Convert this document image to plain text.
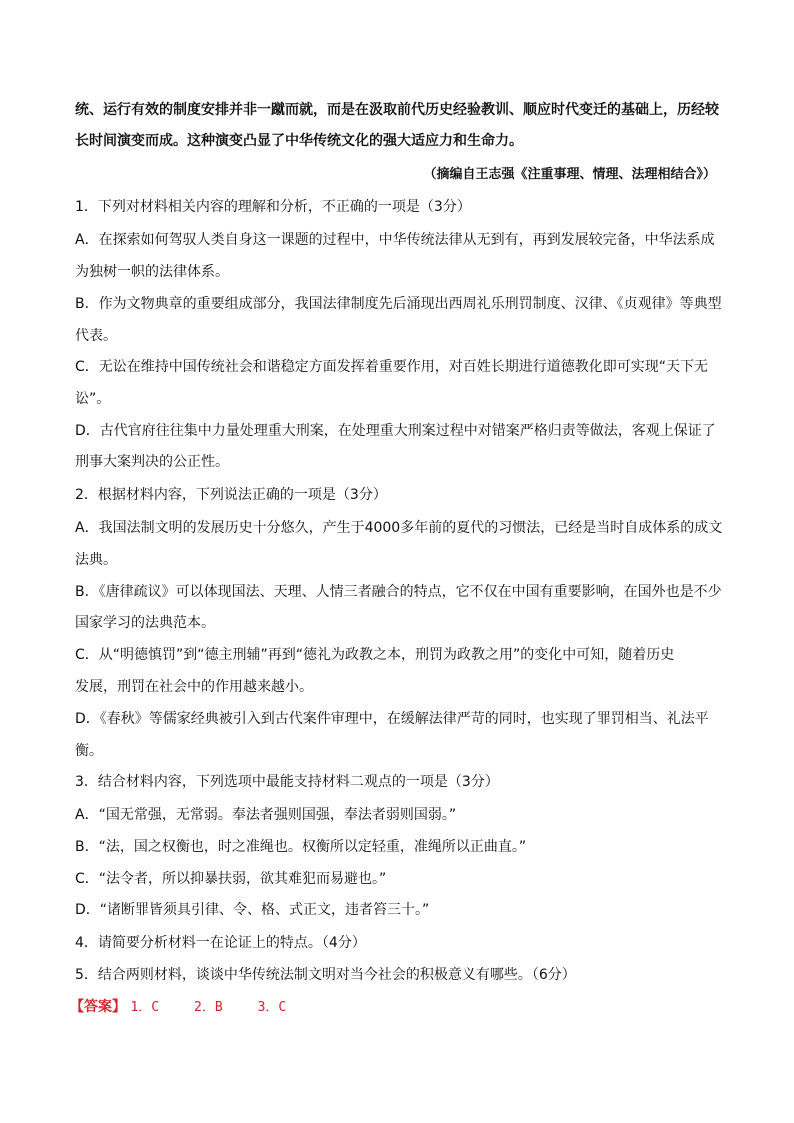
统、运行有效的制度安排并非一蹴而就，而是在汲取前代历史经验教训、顺应时代变迁的基础上，历经较
长时间演变而成。这种演变凸显了中华传统文化的强大适应力和生命力。
（摘编自王志强《注重事理、情理、法理相结合》）
1．下列对材料相关内容的理解和分析，不正确的一项是（3分）
A．在探索如何驾驭人类自身这一课题的过程中，中华传统法律从无到有，再到发展较完备，中华法系成
为独树一帜的法律体系。
B．作为文物典章的重要组成部分，我国法律制度先后涌现出西周礼乐刑罚制度、汉律、《贞观律》等典型
代表。
C．无讼在维持中国传统社会和谐稳定方面发挥着重要作用，对百姓长期进行道德教化即可实现“天下无
讼”。
D．古代官府往往集中力量处理重大刑案，在处理重大刑案过程中对错案严格归责等做法，客观上保证了
刑事大案判决的公正性。
2．根据材料内容，下列说法正确的一项是（3分）
A．我国法制文明的发展历史十分悠久，产生于4000多年前的夏代的习惯法，已经是当时自成体系的成文
法典。
B．《唐律疏议》可以体现国法、天理、人情三者融合的特点，它不仅在中国有重要影响，在国外也是不少
国家学习的法典范本。
C．从“明德慎罚”到“德主刑辅”再到“德礼为政教之本，刑罚为政教之用”的变化中可知，随着历史
发展，刑罚在社会中的作用越来越小。
D．《春秋》等儒家经典被引入到古代案件审理中，在缓解法律严苛的同时，也实现了罪罚相当、礼法平
衡。
3．结合材料内容，下列选项中最能支持材料二观点的一项是（3分）
A．“国无常强，无常弱。奉法者强则国强，奉法者弱则国弱。”
B．“法，国之权衡也，时之准绳也。权衡所以定轻重，准绳所以正曲直。”
C．“法令者，所以抑暴扶弱，欲其难犯而易避也。”
D．“诸断罪皆须具引律、令、格、式正文，违者笞三十。”
4．请简要分析材料一在论证上的特点。（4分）
5．结合两则材料，谈谈中华传统法制文明对当今社会的积极意义有哪些。（6分）
【答案】 1．C	2．B	3．C
